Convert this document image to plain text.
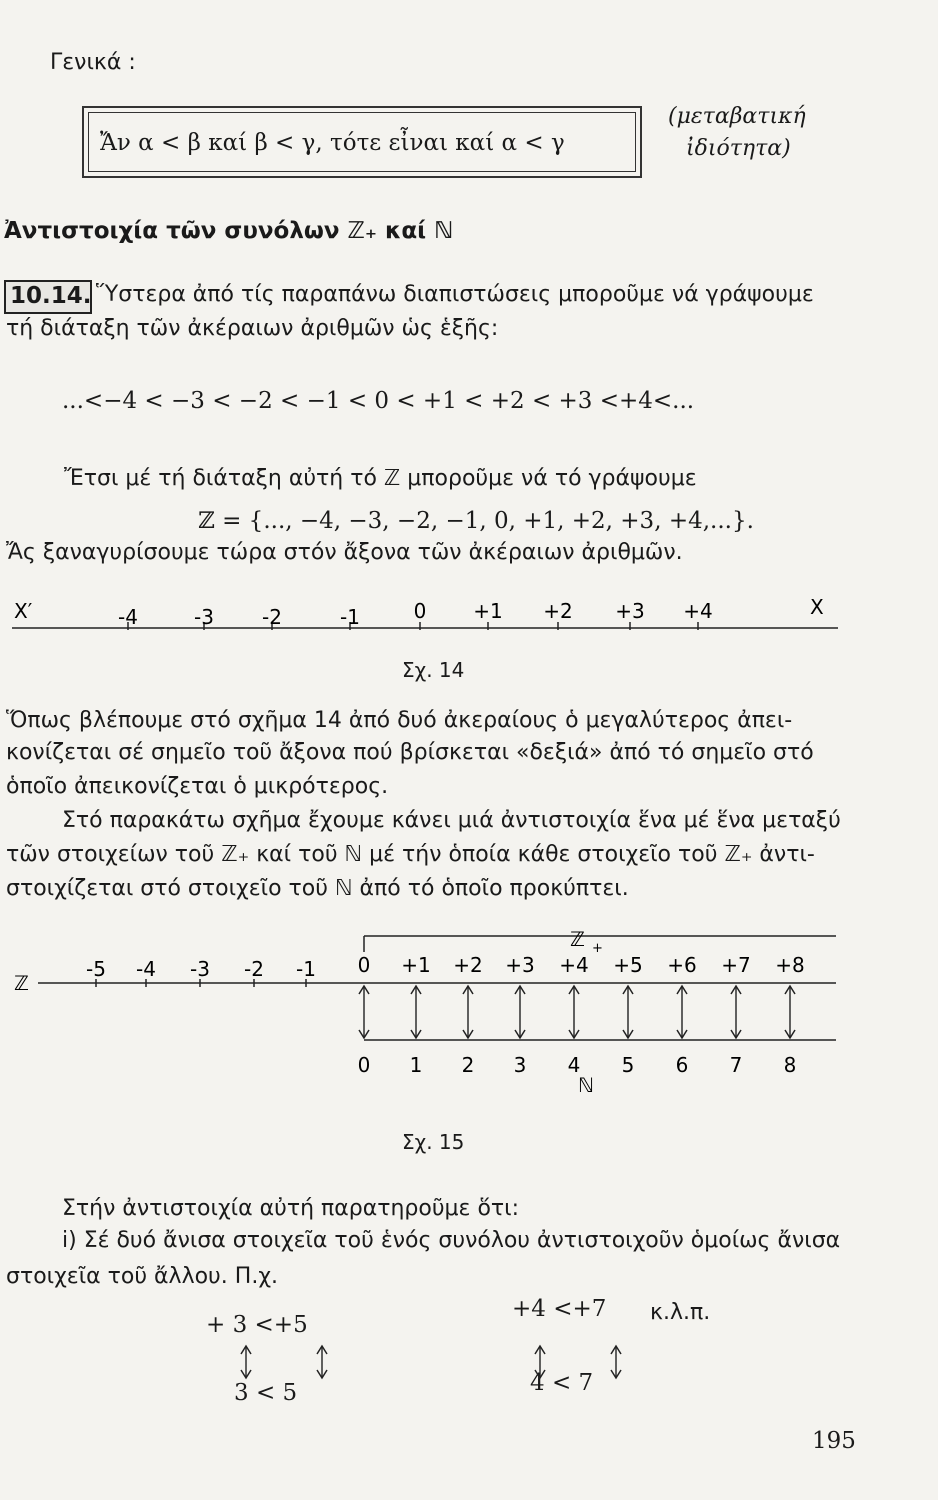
Γενικά :
Ἄν α < β καί β < γ, τότε εἶναι καί α < γ
(μεταβατική
ἰδιότητα)
Ἀντιστοιχία τῶν συνόλων ℤ₊ καί ℕ
10.14. Ὕστερα ἀπό τίς παραπάνω διαπιστώσεις μποροῦμε νά γράψουμε
τή διάταξη τῶν ἀκέραιων ἀριθμῶν ὡς ἑξῆς:
...<−4 < −3 < −2 < −1 < 0 < +1 < +2 < +3 <+4<...
Ἔτσι μέ τή διάταξη αὐτή τό ℤ μποροῦμε νά τό γράψουμε
ℤ = {..., −4, −3, −2, −1, 0, +1, +2, +3, +4,...}.
Ἄς ξαναγυρίσουμε τώρα στόν ἄξονα τῶν ἀκέραιων ἀριθμῶν.
X′	X
-4	-3 -2	-1	0 +1 +2 +3 +4
Σχ. 14
Ὅπως βλέπουμε στό σχῆμα 14 ἀπό δυό ἀκεραίους ὁ μεγαλύτερος ἀπει-
κονίζεται σέ σημεῖο τοῦ ἄξονα πού βρίσκεται «δεξιά» ἀπό τό σημεῖο στό
ὁποῖο ἀπεικονίζεται ὁ μικρότερος.
Στό παρακάτω σχῆμα ἔχουμε κάνει μιά ἀντιστοιχία ἕνα μέ ἕνα μεταξύ
τῶν στοιχείων τοῦ ℤ₊ καί τοῦ ℕ μέ τήν ὁποία κάθε στοιχεῖο τοῦ ℤ₊ ἀντι-
στοιχίζεται στό στοιχεῖο τοῦ ℕ ἀπό τό ὁποῖο προκύπτει.
ℤ
ℤ +
ℕ
-5 -4 -3 -2 -1 0 +1 +2 +3 +4 +5 +6 +7 +8
0 1 2 3 4 5 6 7 8
Σχ. 15
Στήν ἀντιστοιχία αὐτή παρατηροῦμε ὅτι:
i) Σέ δυό ἄνισα στοιχεῖα τοῦ ἑνός συνόλου ἀντιστοιχοῦν ὁμοίως ἄνισα
στοιχεῖα τοῦ ἄλλου. Π.χ.
+ 3 <+5
3 < 5
+4 <+7
4 < 7
κ.λ.π.
195
